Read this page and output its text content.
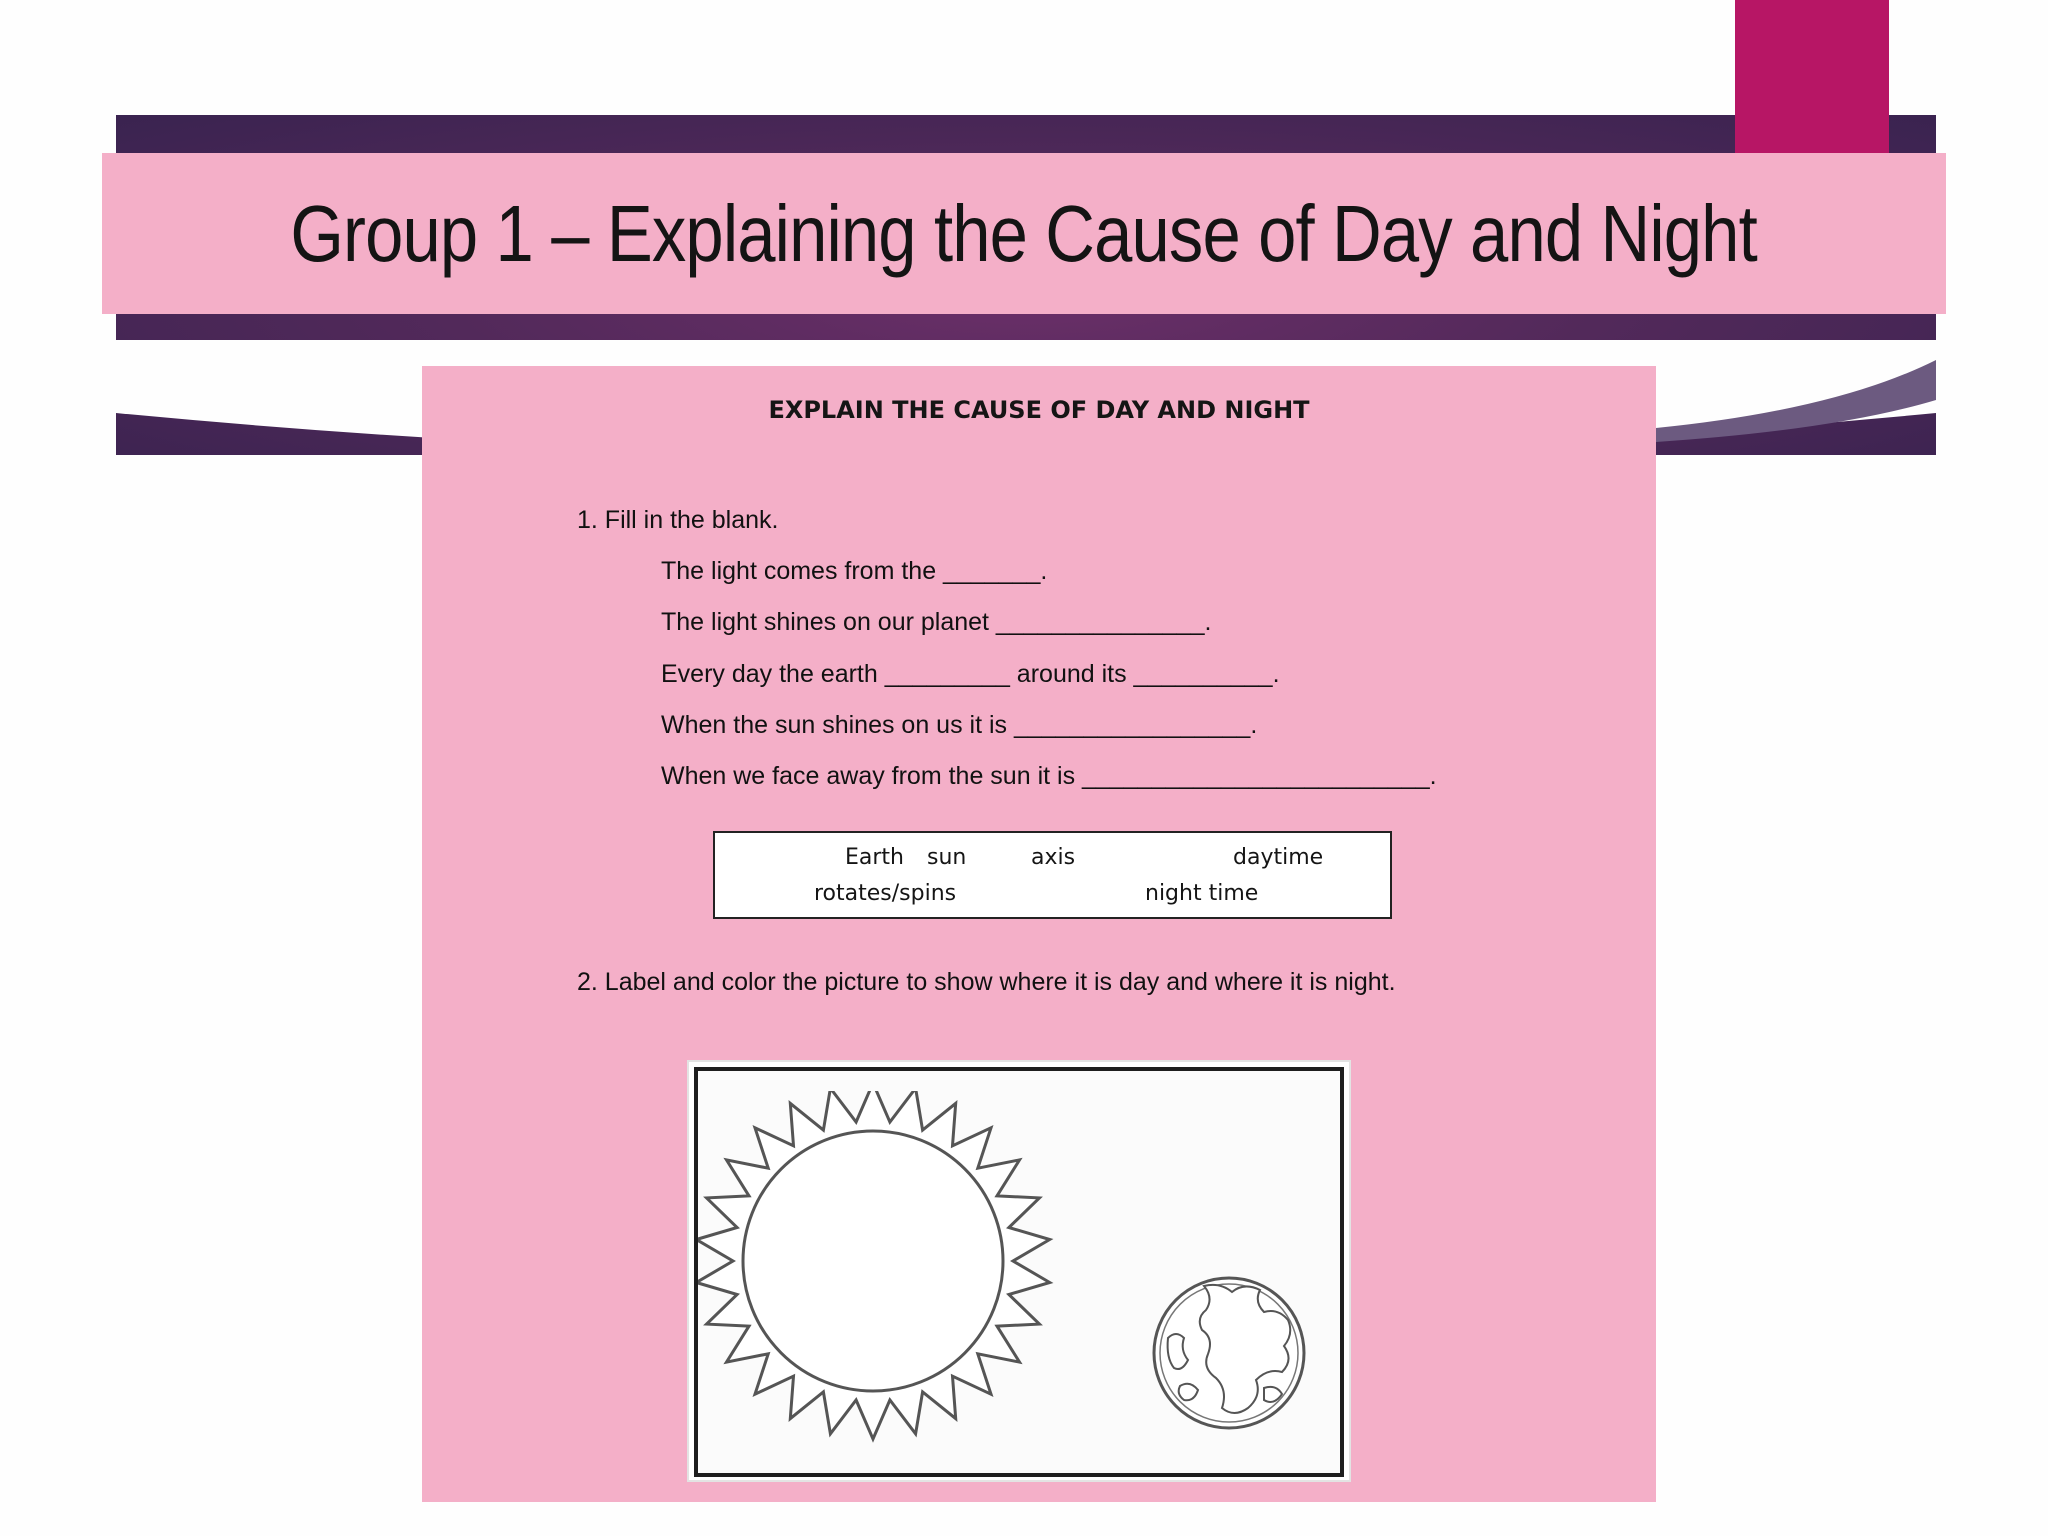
Group 1 – Explaining the Cause of Day and Night
EXPLAIN THE CAUSE OF DAY AND NIGHT
1. Fill in the blank.
The light comes from the _______.
The light shines on our planet _______________.
Every day the earth _________ around its __________.
When the sun shines on us it is _________________.
When we face away from the sun it is _________________________.
Earth sun	axis	daytime
rotates/spins	night time
2. Label and color the picture to show where it is day and where it is night.
